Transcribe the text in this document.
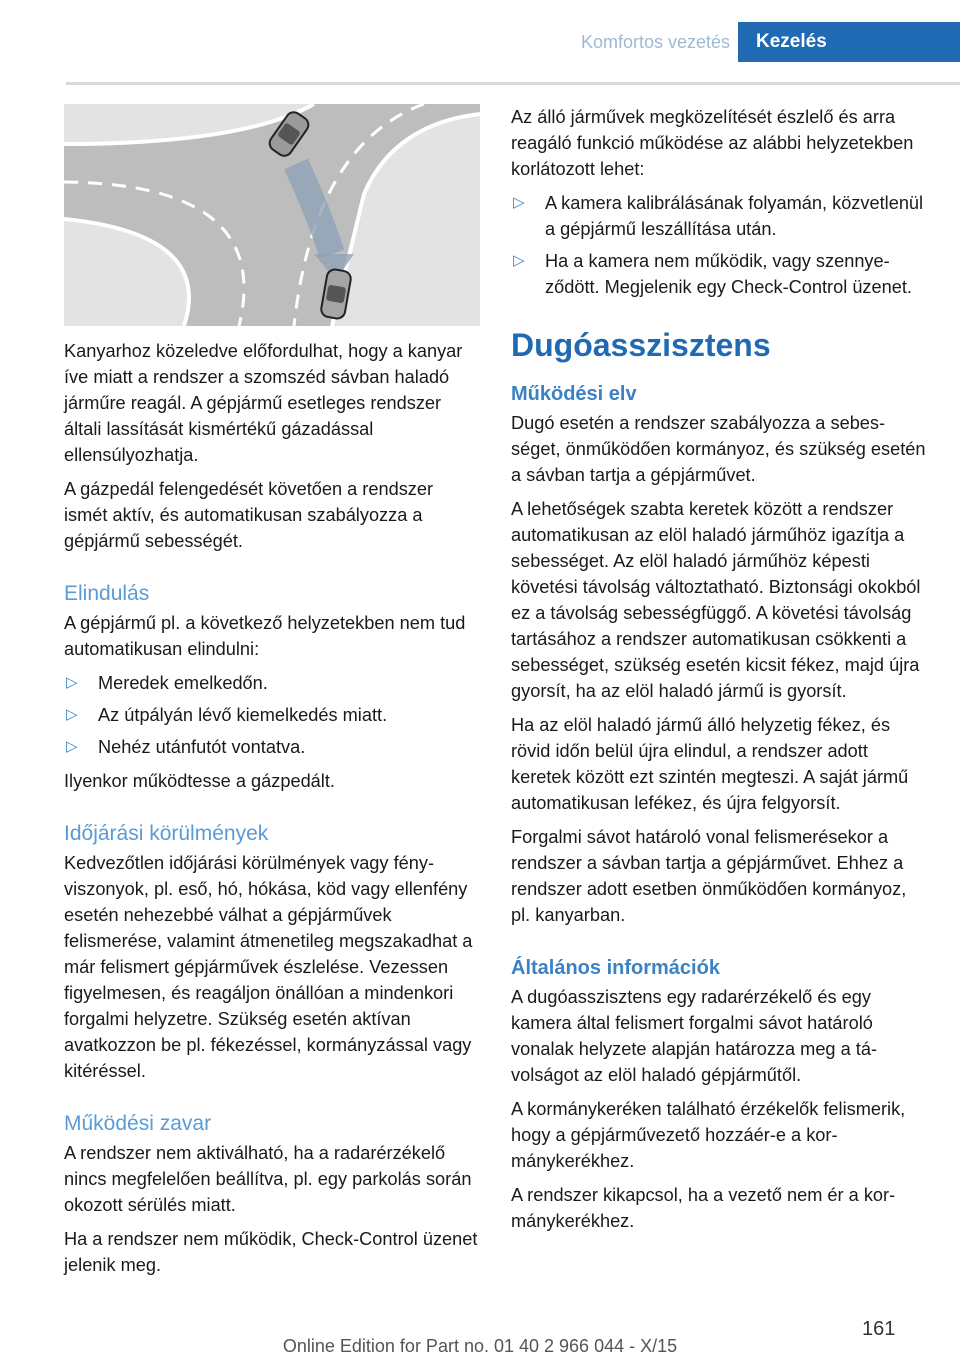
Komfortos vezetés	Kezelés

Kanyarhoz közeledve előfordulhat, hogy a kanyar íve miatt a rendszer a szomszéd sávban haladó járműre reagál. A gépjármű esetleges rendszer általi lassítását kismértékű gázadással ellensúlyozhatja.

A gázpedál felengedését követően a rendszer ismét aktív, és automatikusan szabályozza a gépjármű sebességét.

Elindulás

A gépjármű pl. a következő helyzetekben nem tud automatikusan elindulni:

▷ Meredek emelkedőn.
▷ Az útpályán lévő kiemelkedés miatt.
▷ Nehéz utánfutót vontatva.

Ilyenkor működtesse a gázpedált.

Időjárási körülmények

Kedvezőtlen időjárási körülmények vagy fényviszonyok, pl. eső, hó, hókása, köd vagy ellenfény esetén nehezebbé válhat a gépjárművek felismerése, valamint átmenetileg megszakadhat a már felismert gépjárművek észlelése. Vezessen figyelmesen, és reagáljon önállóan a mindenkori forgalmi helyzetre. Szükség esetén aktívan avatkozzon be pl. fékezéssel, kormányzással vagy kitéréssel.

Működési zavar

A rendszer nem aktiválható, ha a radarérzékelő nincs megfelelően beállítva, pl. egy parkolás során okozott sérülés miatt.

Ha a rendszer nem működik, Check-Control üzenet jelenik meg.

Az álló járművek megközelítését észlelő és arra reagáló funkció működése az alábbi helyzetekben korlátozott lehet:

▷ A kamera kalibrálásának folyamán, közvetlenül a gépjármű leszállítása után.
▷ Ha a kamera nem működik, vagy szennyeződött. Megjelenik egy Check-Control üzenet.
Dugóasszisztens
Működési elv

Dugó esetén a rendszer szabályozza a sebességet, önműködően kormányoz, és szükség esetén a sávban tartja a gépjárművet.

A lehetőségek szabta keretek között a rendszer automatikusan az elöl haladó járműhöz igazítja a sebességet. Az elöl haladó járműhöz képesti követési távolság változtatható. Biztonsági okokból ez a távolság sebességfüggő. A követési távolság tartásához a rendszer automatikusan csökkenti a sebességet, szükség esetén kicsit fékez, majd újra gyorsít, ha az elöl haladó jármű is gyorsít.

Ha az elöl haladó jármű álló helyzetig fékez, és rövid időn belül újra elindul, a rendszer adott keretek között ezt szintén megteszi. A saját jármű automatikusan lefékez, és újra felgyorsít.

Forgalmi sávot határoló vonal felismerésekor a rendszer a sávban tartja a gépjárművet. Ehhez a rendszer adott esetben önműködően kormányoz, pl. kanyarban.

Általános információk

A dugóasszisztens egy radarérzékelő és egy kamera által felismert forgalmi sávot határoló vonalak helyzete alapján határozza meg a távolságot az elöl haladó gépjárműtől.

A kormánykeréken található érzékelők felismerik, hogy a gépjárművezető hozzáér-e a kormánykerékhez.

A rendszer kikapcsol, ha a vezető nem ér a kormánykerékhez.

161
Online Edition for Part no. 01 40 2 966 044 - X/15
